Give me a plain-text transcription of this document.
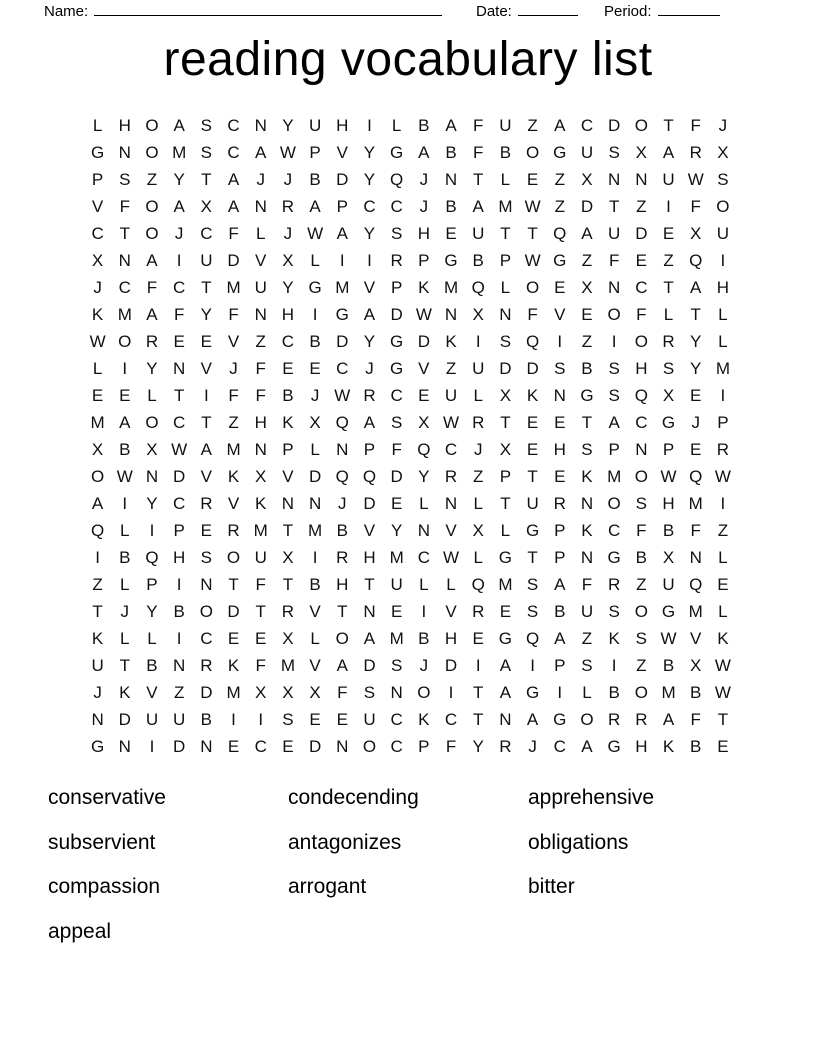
Name:	Date:	Period:
reading vocabulary list
L H O A S C N Y U H	I	L B A F U Z A C D O T F	J
G N O M S C A W P V Y G A B F B O G U S X A R X
P S Z Y T A	J	J	B D Y Q J N T	L E Z X N N U W S
V F O A X A N R A P C C J	B A M W Z D T Z	I	F O
C T O J C F	L	J W A Y S H E U T T Q A U D E X U
X N A	I	U D V X L	I	I	R P G B P W G Z F E Z Q	I
J C F C T M U Y G M V P K M Q L O E X N C T A H
K M A F Y F N H	I	G A D W N X N F V E O F	L	T	L
W O R E E V Z C B D Y G D K	I	S Q	I	Z	I	O R Y L
L	I	Y N V	J	F E E C J G V Z U D D S B S H S Y M
E E L	T	I	F F B	J W R C E U L X K N G S Q X E	I
M A O C T Z H K X Q A S X W R T E E T A C G J	P
X B X W A M N P L N P F Q C J	X E H S P N P E R
O W N D V K X V D Q Q D Y R Z P T E K M O W Q W
A	I	Y C R V K N N J D E L N L	T U R N O S H M	I
Q L	I	P E R M T M B V Y N V X L G P K C F B F Z
I	B Q H S O U X	I	R H M C W L G T P N G B X N L
Z	L P	I	N T F T B H T U L	L Q M S A F R Z U Q E
T	J	Y B O D T R V T N E	I	V R E S B U S O G M L
K L	L	I	C E E X L O A M B H E G Q A Z K S W V K
U T B N R K F M V A D S	J D	I	A	I	P S	I	Z B X W
J	K V Z D M X X X F S N O	I	T A G	I	L B O M B W
N D U U B	I	I	S E E U C K C T N A G O R R A F T
G N	I	D N E C E D N O C P F Y R J C A G H K B E
conservative	condecending	apprehensive
subservient	antagonizes	obligations
compassion	arrogant	bitter
appeal
